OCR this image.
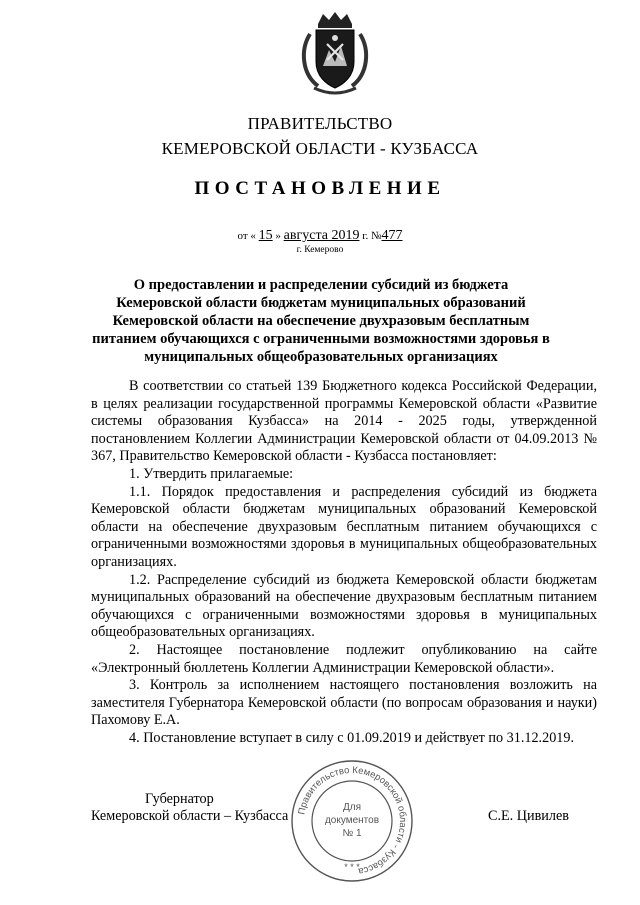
ПРАВИТЕЛЬСТВО
КЕМЕРОВСКОЙ ОБЛАСТИ - КУЗБАССА
ПОСТАНОВЛЕНИЕ
от « 15 » августа 2019 г. №477
г. Кемерово
О предоставлении и распределении субсидий из бюджета Кемеровской области бюджетам муниципальных образований Кемеровской области на обеспечение двухразовым бесплатным питанием обучающихся с ограниченными возможностями здоровья в муниципальных общеобразовательных организациях

В соответствии со статьей 139 Бюджетного кодекса Российской Федерации, в целях реализации государственной программы Кемеровской области «Развитие системы образования Кузбасса» на 2014 - 2025 годы, утвержденной постановлением Коллегии Администрации Кемеровской области от 04.09.2013 № 367, Правительство Кемеровской области - Кузбасса постановляет:

1. Утвердить прилагаемые:

1.1. Порядок предоставления и распределения субсидий из бюджета Кемеровской области бюджетам муниципальных образований Кемеровской области на обеспечение двухразовым бесплатным питанием обучающихся с ограниченными возможностями здоровья в муниципальных общеобразовательных организациях.

1.2. Распределение субсидий из бюджета Кемеровской области бюджетам муниципальных образований на обеспечение двухразовым бесплатным питанием обучающихся с ограниченными возможностями здоровья в муниципальных общеобразовательных организациях.

2. Настоящее постановление подлежит опубликованию на сайте «Электронный бюллетень Коллегии Администрации Кемеровской области».

3. Контроль за исполнением настоящего постановления возложить на заместителя Губернатора Кемеровской области (по вопросам образования и науки) Пахомову Е.А.

4. Постановление вступает в силу с 01.09.2019 и действует по 31.12.2019.

Губернатор
Кемеровской области – Кузбасса	С.Е. Цивилев
Правительство Кемеровской области - Кузбасса
Для
документов
№ 1
* * *
